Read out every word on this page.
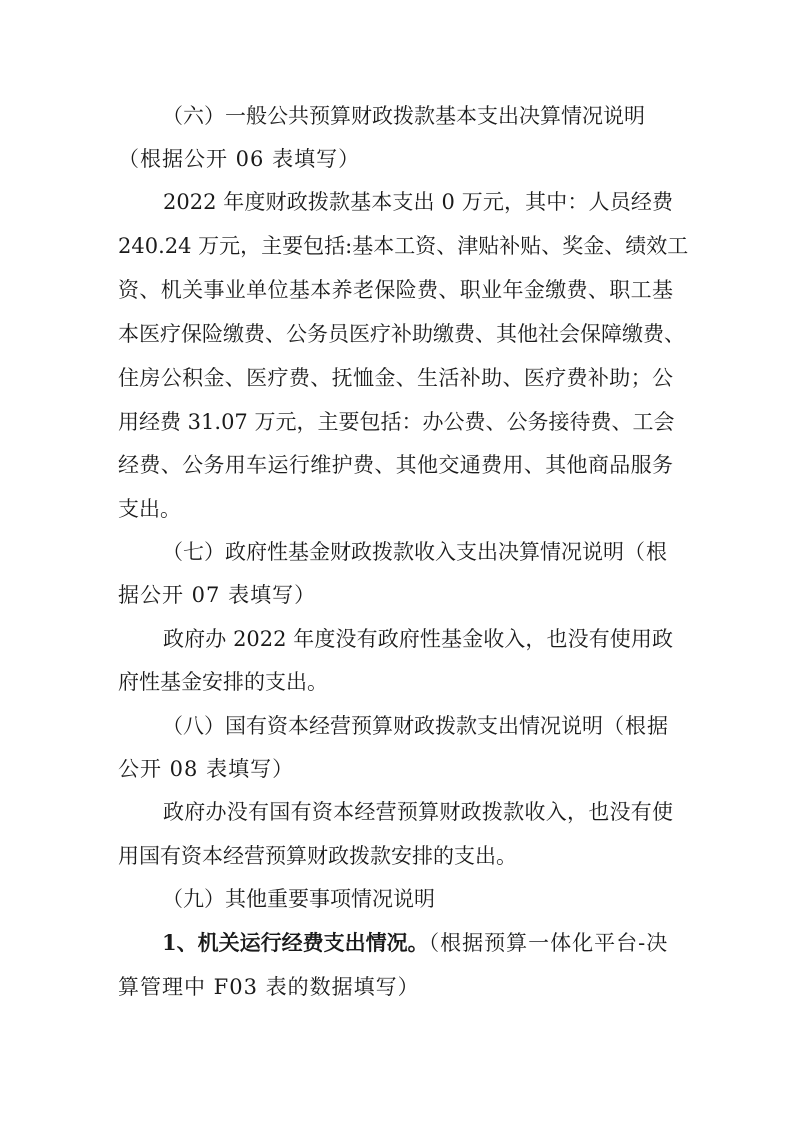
（六）一般公共预算财政拨款基本支出决算情况说明
（根据公开 06 表填写）
2022 年度财政拨款基本支出 0 万元，其中：人员经费
240.24 万元，主要包括:基本工资、津贴补贴、奖金、绩效工
资、机关事业单位基本养老保险费、职业年金缴费、职工基
本医疗保险缴费、公务员医疗补助缴费、其他社会保障缴费、
住房公积金、医疗费、抚恤金、生活补助、医疗费补助；公
用经费 31.07 万元，主要包括：办公费、公务接待费、工会
经费、公务用车运行维护费、其他交通费用、其他商品服务
支出。
（七）政府性基金财政拨款收入支出决算情况说明（根
据公开 07 表填写）
政府办 2022 年度没有政府性基金收入，也没有使用政
府性基金安排的支出。
（八）国有资本经营预算财政拨款支出情况说明（根据
公开 08 表填写）
政府办没有国有资本经营预算财政拨款收入，也没有使
用国有资本经营预算财政拨款安排的支出。
（九）其他重要事项情况说明
1、机关运行经费支出情况。（根据预算一体化平台-决
算管理中 F03 表的数据填写）
